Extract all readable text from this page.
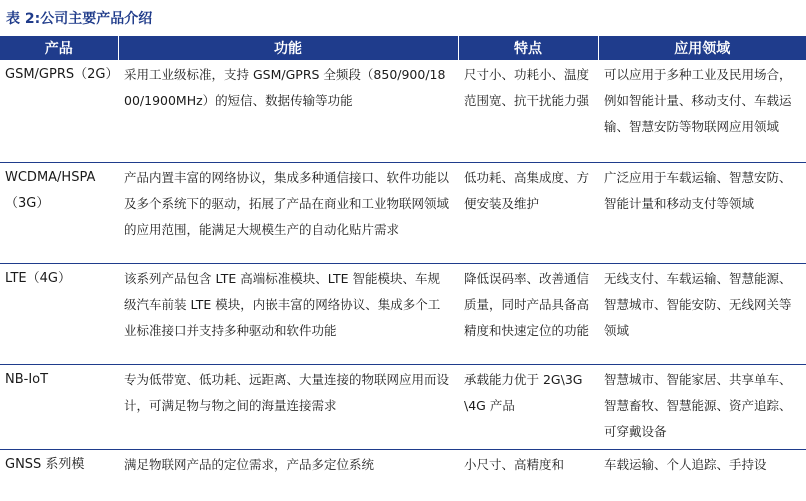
表 2:公司主要产品介绍
产品	功能	特点	应用领域

GSM/GPRS（2G）	采用工业级标准，支持 GSM/GPRS 全频段（850/900/1800/1900MHz）的短信、数据传输等功能	尺寸小、功耗小、温度范围宽、抗干扰能力强	可以应用于多种工业及民用场合，例如智能计量、移动支付、车载运输、智慧安防等物联网应用领域

WCDMA/HSPA（3G）	产品内置丰富的网络协议，集成多种通信接口、软件功能以及多个系统下的驱动，拓展了产品在商业和工业物联网领域的应用范围，能满足大规模生产的自动化贴片需求	低功耗、高集成度、方便安装及维护	广泛应用于车载运输、智慧安防、智能计量和移动支付等领域

LTE（4G）	该系列产品包含 LTE 高端标准模块、LTE 智能模块、车规级汽车前装 LTE 模块，内嵌丰富的网络协议、集成多个工业标准接口并支持多种驱动和软件功能	降低误码率、改善通信质量，同时产品具备高精度和快速定位的功能	无线支付、车载运输、智慧能源、智慧城市、智能安防、无线网关等领域

NB-IoT	专为低带宽、低功耗、远距离、大量连接的物联网应用而设计，可满足物与物之间的海量连接需求	承载能力优于 2G\3G\4G 产品	智慧城市、智能家居、共享单车、智慧畜牧、智慧能源、资产追踪、可穿戴设备

GNSS 系列模	满足物联网产品的定位需求，产品多定位系统	小尺寸、高精度和	车载运输、个人追踪、手持设
